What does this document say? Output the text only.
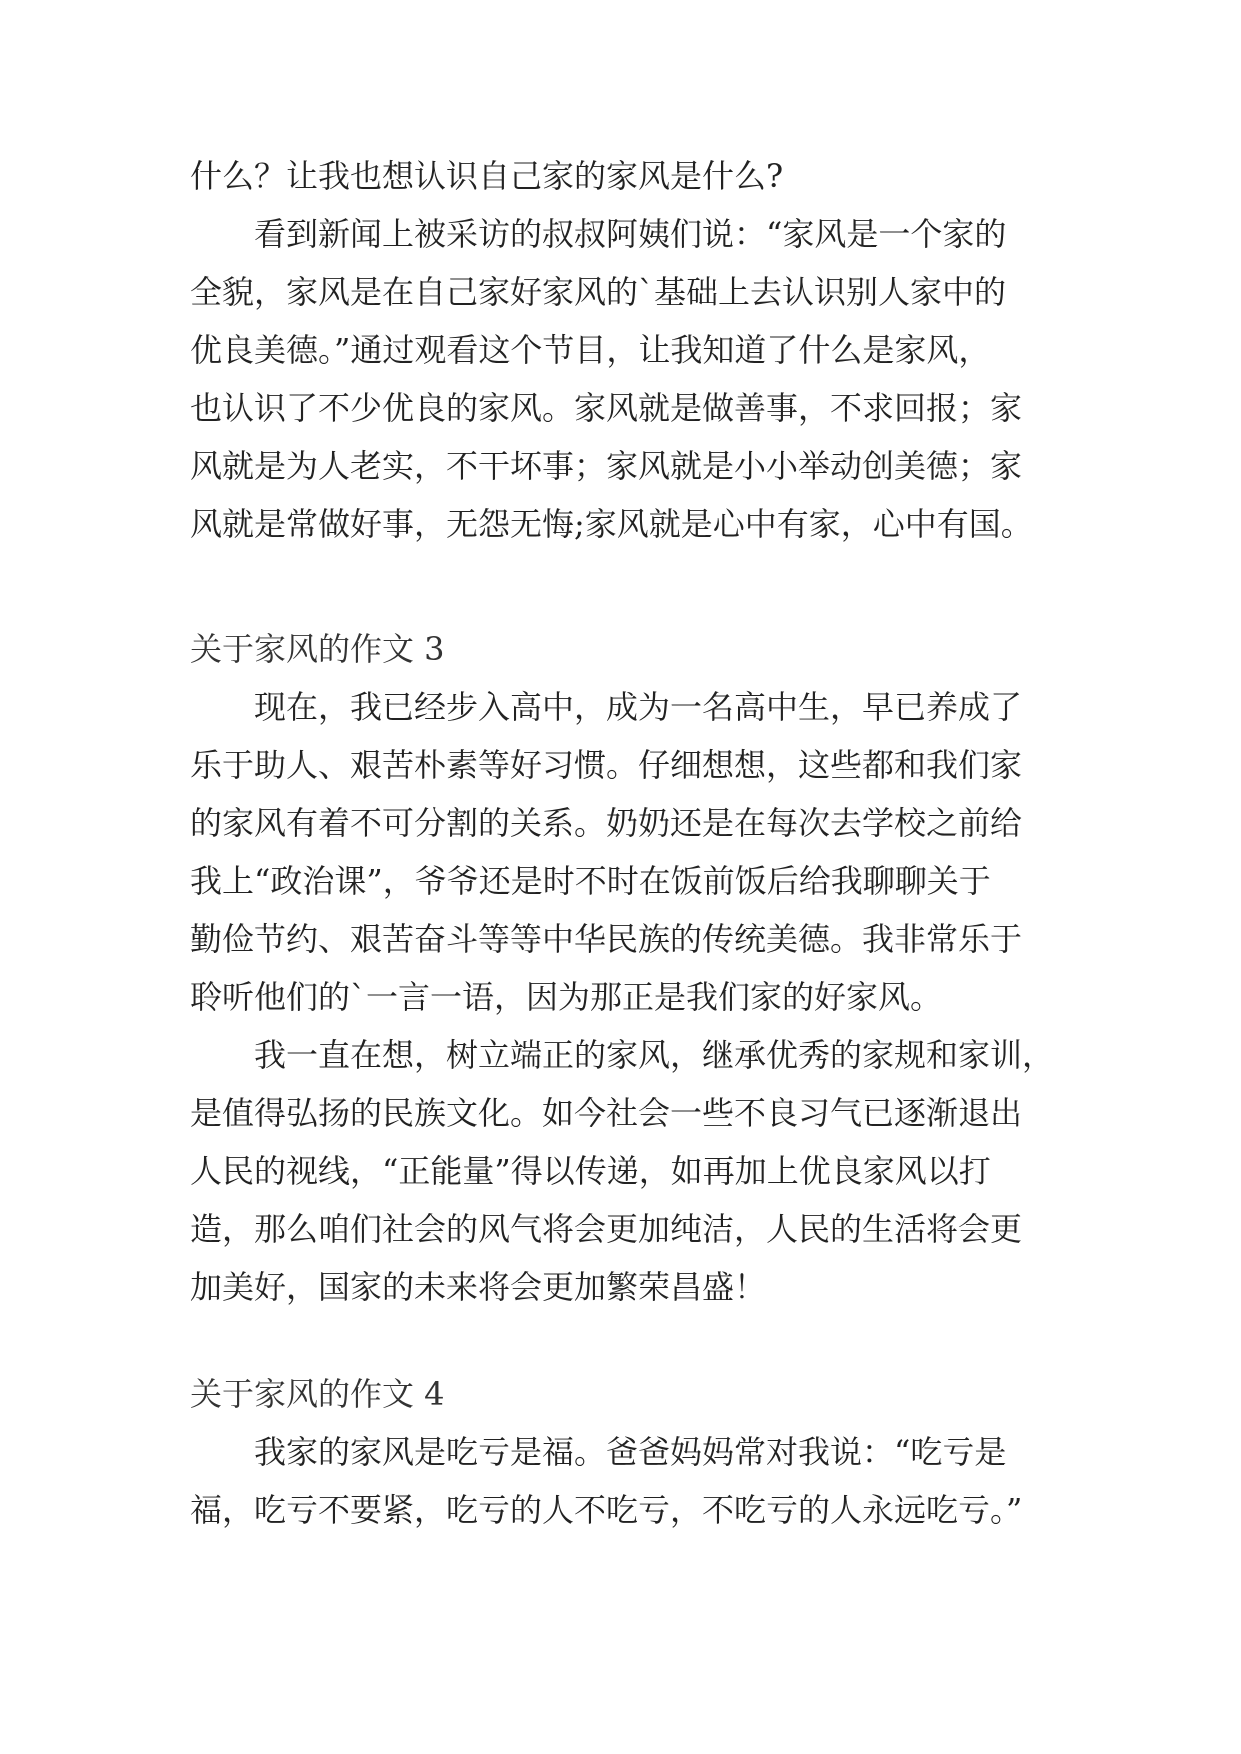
什么？让我也想认识自己家的家风是什么?
看到新闻上被采访的叔叔阿姨们说：“家风是一个家的
全貌，家风是在自己家好家风的`基础上去认识别人家中的
优良美德。”通过观看这个节目，让我知道了什么是家风，
也认识了不少优良的家风。家风就是做善事，不求回报；家
风就是为人老实，不干坏事；家风就是小小举动创美德；家
风就是常做好事，无怨无悔;家风就是心中有家，心中有国。
关于家风的作文 3
现在，我已经步入高中，成为一名高中生，早已养成了
乐于助人、艰苦朴素等好习惯。仔细想想，这些都和我们家
的家风有着不可分割的关系。奶奶还是在每次去学校之前给
我上“政治课”，爷爷还是时不时在饭前饭后给我聊聊关于
勤俭节约、艰苦奋斗等等中华民族的传统美德。我非常乐于
聆听他们的`一言一语，因为那正是我们家的好家风。
我一直在想，树立端正的家风，继承优秀的家规和家训，
是值得弘扬的民族文化。如今社会一些不良习气已逐渐退出
人民的视线，“正能量”得以传递，如再加上优良家风以打
造，那么咱们社会的风气将会更加纯洁，人民的生活将会更
加美好，国家的未来将会更加繁荣昌盛！
关于家风的作文 4
我家的家风是吃亏是福。爸爸妈妈常对我说：“吃亏是
福，吃亏不要紧，吃亏的人不吃亏，不吃亏的人永远吃亏。”
